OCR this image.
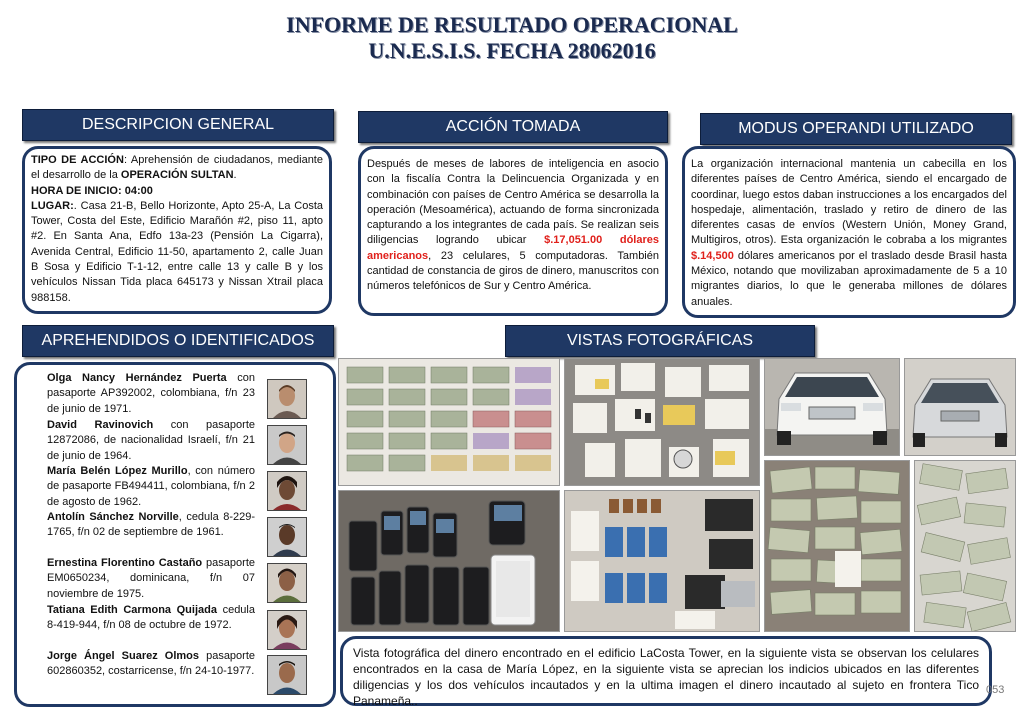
INFORME DE RESULTADO OPERACIONAL
U.N.E.S.I.S. FECHA 28062016
DESCRIPCION GENERAL	ACCIÓN TOMADA	MODUS OPERANDI UTILIZADO
APREHENDIDOS O IDENTIFICADOS	VISTAS FOTOGRÁFICAS
TIPO DE ACCIÓN: Aprehensión de ciudadanos, mediante el desarrollo de la OPERACIÓN SULTAN.
HORA DE INICIO: 04:00
LUGAR:. Casa 21-B, Bello Horizonte, Apto 25-A, La Costa Tower, Costa del Este, Edificio Marañón #2, piso 11, apto #2. En Santa Ana, Edfo 13a-23 (Pensión La Cigarra), Avenida Central, Edificio 11-50, apartamento 2, calle Juan B Sosa y Edificio T-1-12, entre calle 13 y calle B y los vehículos Nissan Tida placa 645173 y Nissan Xtrail placa 988158.
Después de meses de labores de inteligencia en asocio con la fiscalía Contra la Delincuencia Organizada y en combinación con países de Centro América se desarrolla la operación (Mesoamérica), actuando de forma sincronizada capturando a los integrantes de cada país. Se realizan seis diligencias logrando ubicar $.17,051.00 dólares americanos, 23 celulares, 5 computadoras. También cantidad de constancia de giros de dinero, manuscritos con números telefónicos de Sur y Centro América.
La organización internacional mantenia un cabecilla en los diferentes países de Centro América, siendo el encargado de coordinar, luego estos daban instrucciones a los encargados del hospedaje, alimentación, traslado y retiro de dinero de las diferentes casas de envíos (Western Unión, Money Grand, Multigiros, otros). Esta organización le cobraba a los migrantes $.14,500 dólares americanos por el traslado desde Brasil hasta México, notando que movilizaban aproximadamente de 5 a 10 migrantes diarios, lo que le generaba millones de dólares anuales.
Olga Nancy Hernández Puerta con pasaporte AP392002, colombiana, f/n 23 de junio de 1971.
David Ravinovich con pasaporte 12872086, de nacionalidad Israelí, f/n 21 de junio de 1964.
María Belén López Murillo, con número de pasaporte FB494411, colombiana, f/n 2 de agosto de 1962.
Antolín Sánchez Norville, cedula 8-229-1765, f/n 02 de septiembre de 1961.
Ernestina Florentino Castaño pasaporte EM0650234, dominicana, f/n 07 noviembre de 1975.
Tatiana Edith Carmona Quijada cedula 8-419-944, f/n 08 de octubre de 1972.
Jorge Ángel Suarez Olmos pasaporte 602860352, costarricense, f/n 24-10-1977.
Vista fotográfica del dinero encontrado en el edificio LaCosta Tower, en la siguiente vista se observan los celulares encontrados en la casa de María López, en la siguiente vista se aprecian los indicios ubicados en las diferentes diligencias y los dos vehículos incautados y en la ultima imagen el dinero incautado al sujeto en frontera Tico Panameña..
053
